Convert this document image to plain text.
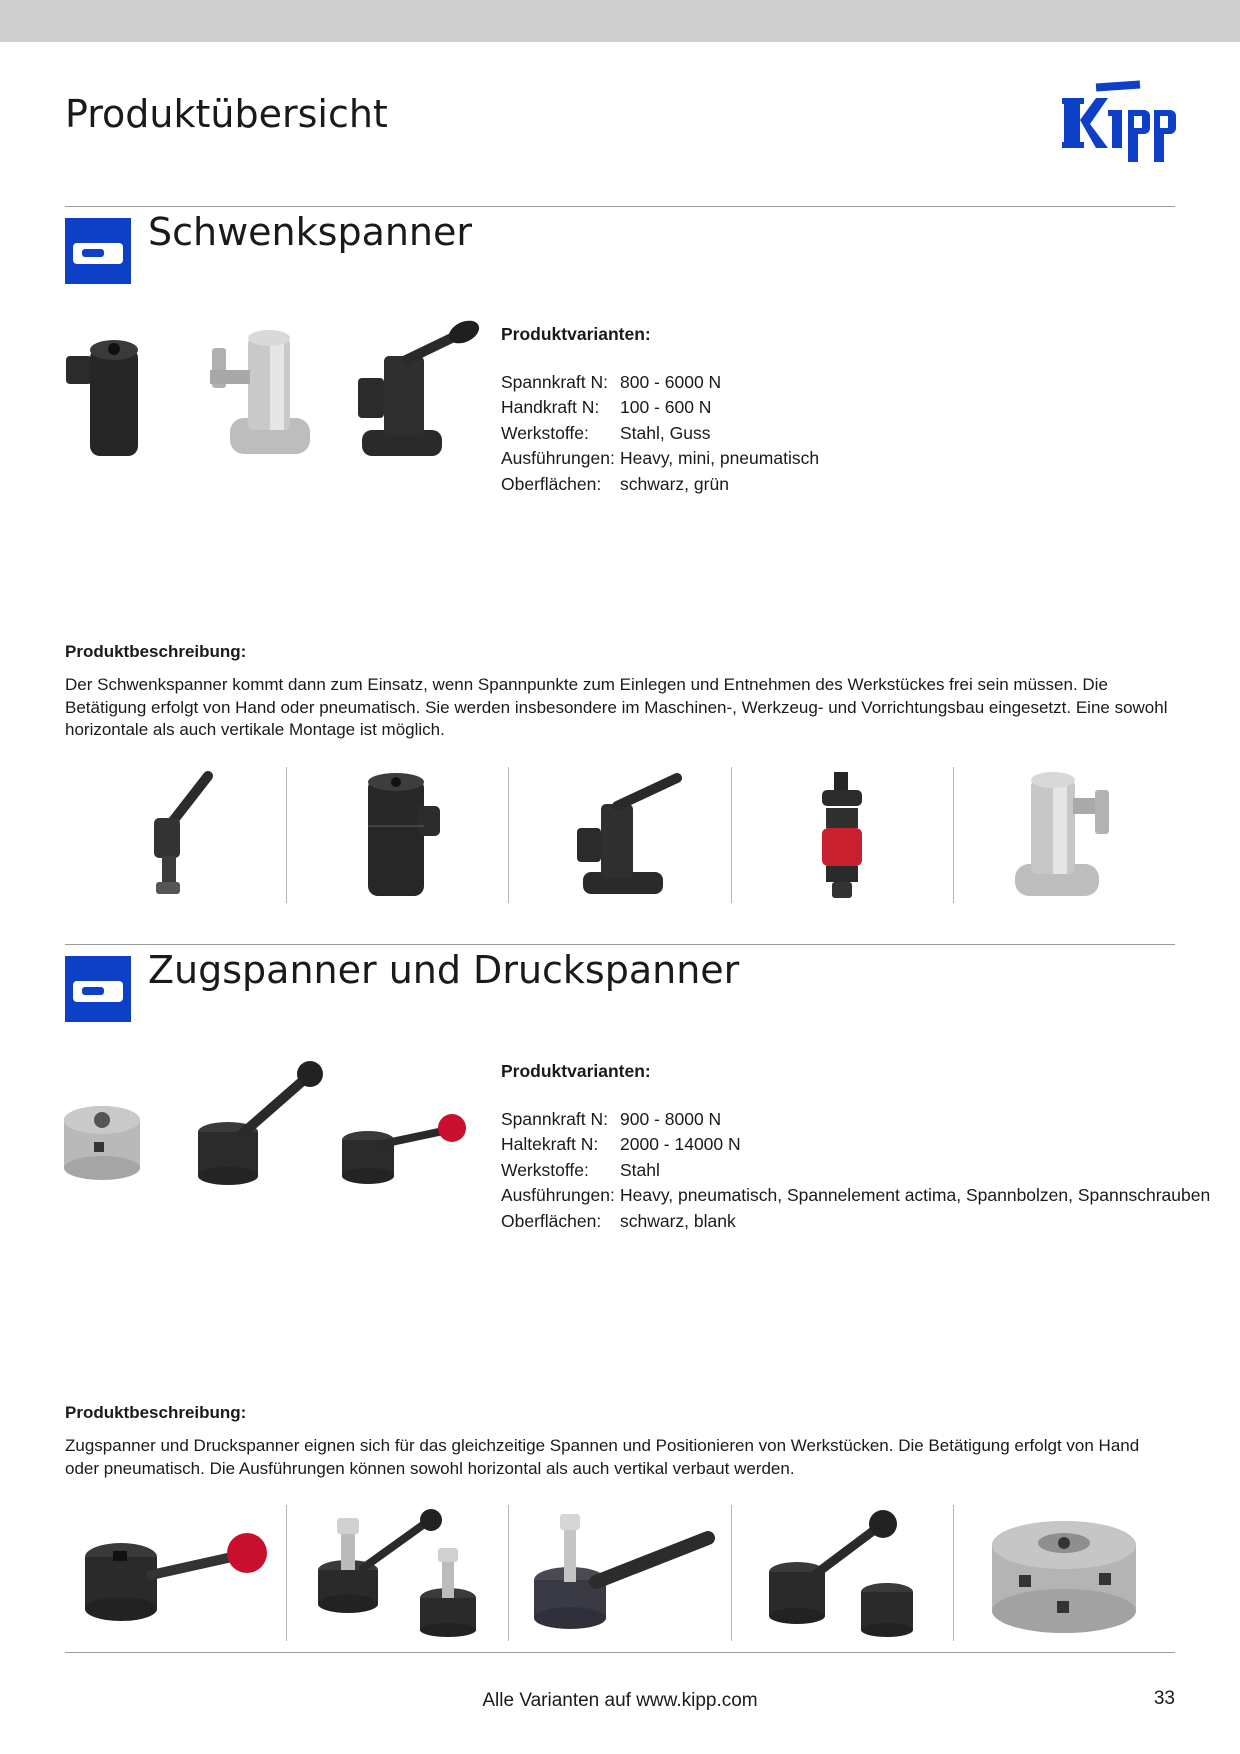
Produktübersicht
Schwenkspanner
Produktvarianten:
Spannkraft N: 800 - 6000 N
Handkraft N:	100 - 600 N
Werkstoffe:	Stahl, Guss
Ausführungen: Heavy, mini, pneumatisch
Oberflächen:	schwarz, grün
Produktbeschreibung:
Der Schwenkspanner kommt dann zum Einsatz, wenn Spannpunkte zum Einlegen und Entnehmen des Werkstückes frei sein müssen. Die Betätigung erfolgt von Hand oder pneumatisch. Sie werden insbesondere im Maschinen-, Werkzeug- und Vorrichtungsbau eingesetzt. Eine sowohl horizontale als auch vertikale Montage ist möglich.
Zugspanner und Druckspanner
Produktvarianten:
Spannkraft N: 900 - 8000 N
Haltekraft N:	2000 - 14000 N
Werkstoffe:	Stahl
Ausführungen: Heavy, pneumatisch, Spannelement actima, Spannbolzen, Spannschrauben
Oberflächen:	schwarz, blank
Produktbeschreibung:
Zugspanner und Druckspanner eignen sich für das gleichzeitige Spannen und Positionieren von Werkstücken. Die Betätigung erfolgt von Hand oder pneumatisch. Die Ausführungen können sowohl horizontal als auch vertikal verbaut werden.
Alle Varianten auf www.kipp.com	33
